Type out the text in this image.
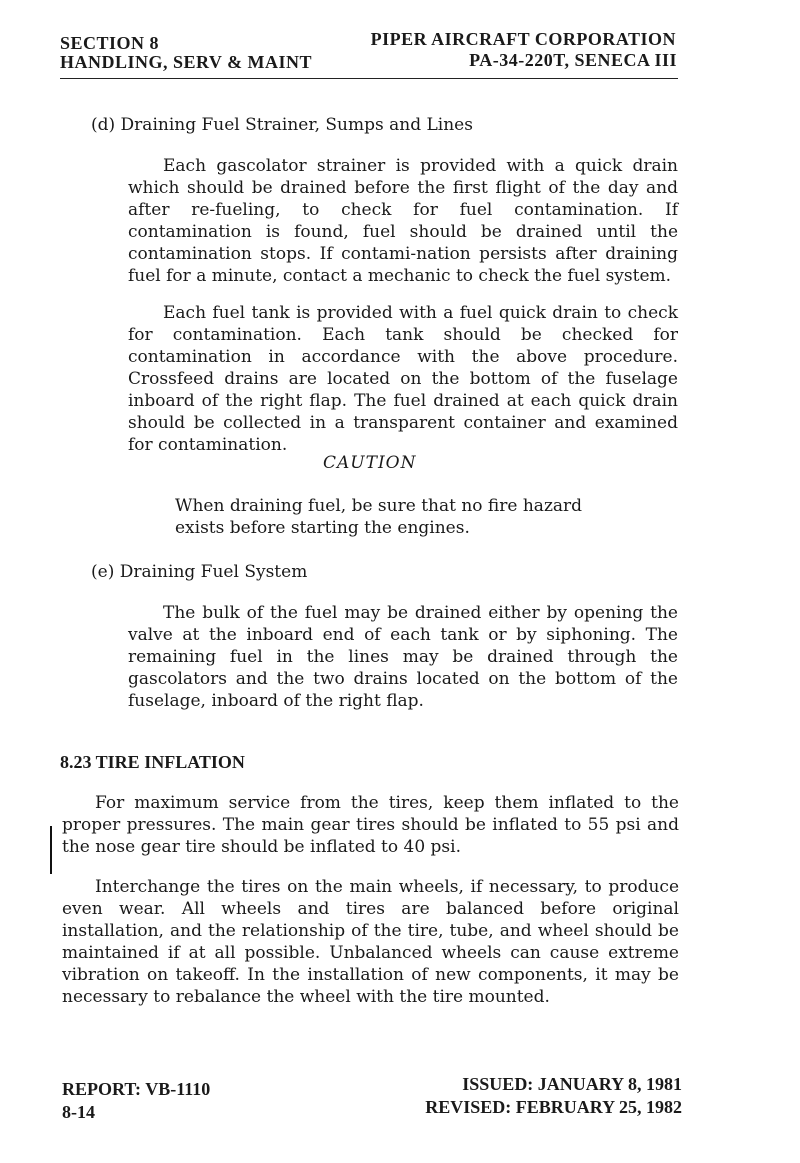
SECTION 8
HANDLING, SERV & MAINT
PIPER AIRCRAFT CORPORATION
PA-34-220T, SENECA III
(d) Draining Fuel Strainer, Sumps and Lines
Each gascolator strainer is provided with a quick drain which should be drained before the first flight of the day and after re-fueling, to check for fuel contamination. If contamination is found, fuel should be drained until the contamination stops. If contami-nation persists after draining fuel for a minute, contact a mechanic to check the fuel system.
Each fuel tank is provided with a fuel quick drain to check for contamination. Each tank should be checked for contamination in accordance with the above procedure. Crossfeed drains are located on the bottom of the fuselage inboard of the right flap. The fuel drained at each quick drain should be collected in a transparent container and examined for contamination.
CAUTION
When draining fuel, be sure that no fire hazard exists before starting the engines.
(e) Draining Fuel System
The bulk of the fuel may be drained either by opening the valve at the inboard end of each tank or by siphoning. The remaining fuel in the lines may be drained through the gascolators and the two drains located on the bottom of the fuselage, inboard of the right flap.
8.23 TIRE INFLATION
For maximum service from the tires, keep them inflated to the proper pressures. The main gear tires should be inflated to 55 psi and the nose gear tire should be inflated to 40 psi.
Interchange the tires on the main wheels, if necessary, to produce even wear. All wheels and tires are balanced before original installation, and the relationship of the tire, tube, and wheel should be maintained if at all possible. Unbalanced wheels can cause extreme vibration on takeoff. In the installation of new components, it may be necessary to rebalance the wheel with the tire mounted.
REPORT: VB-1110
8-14
ISSUED: JANUARY 8, 1981
REVISED: FEBRUARY 25, 1982
